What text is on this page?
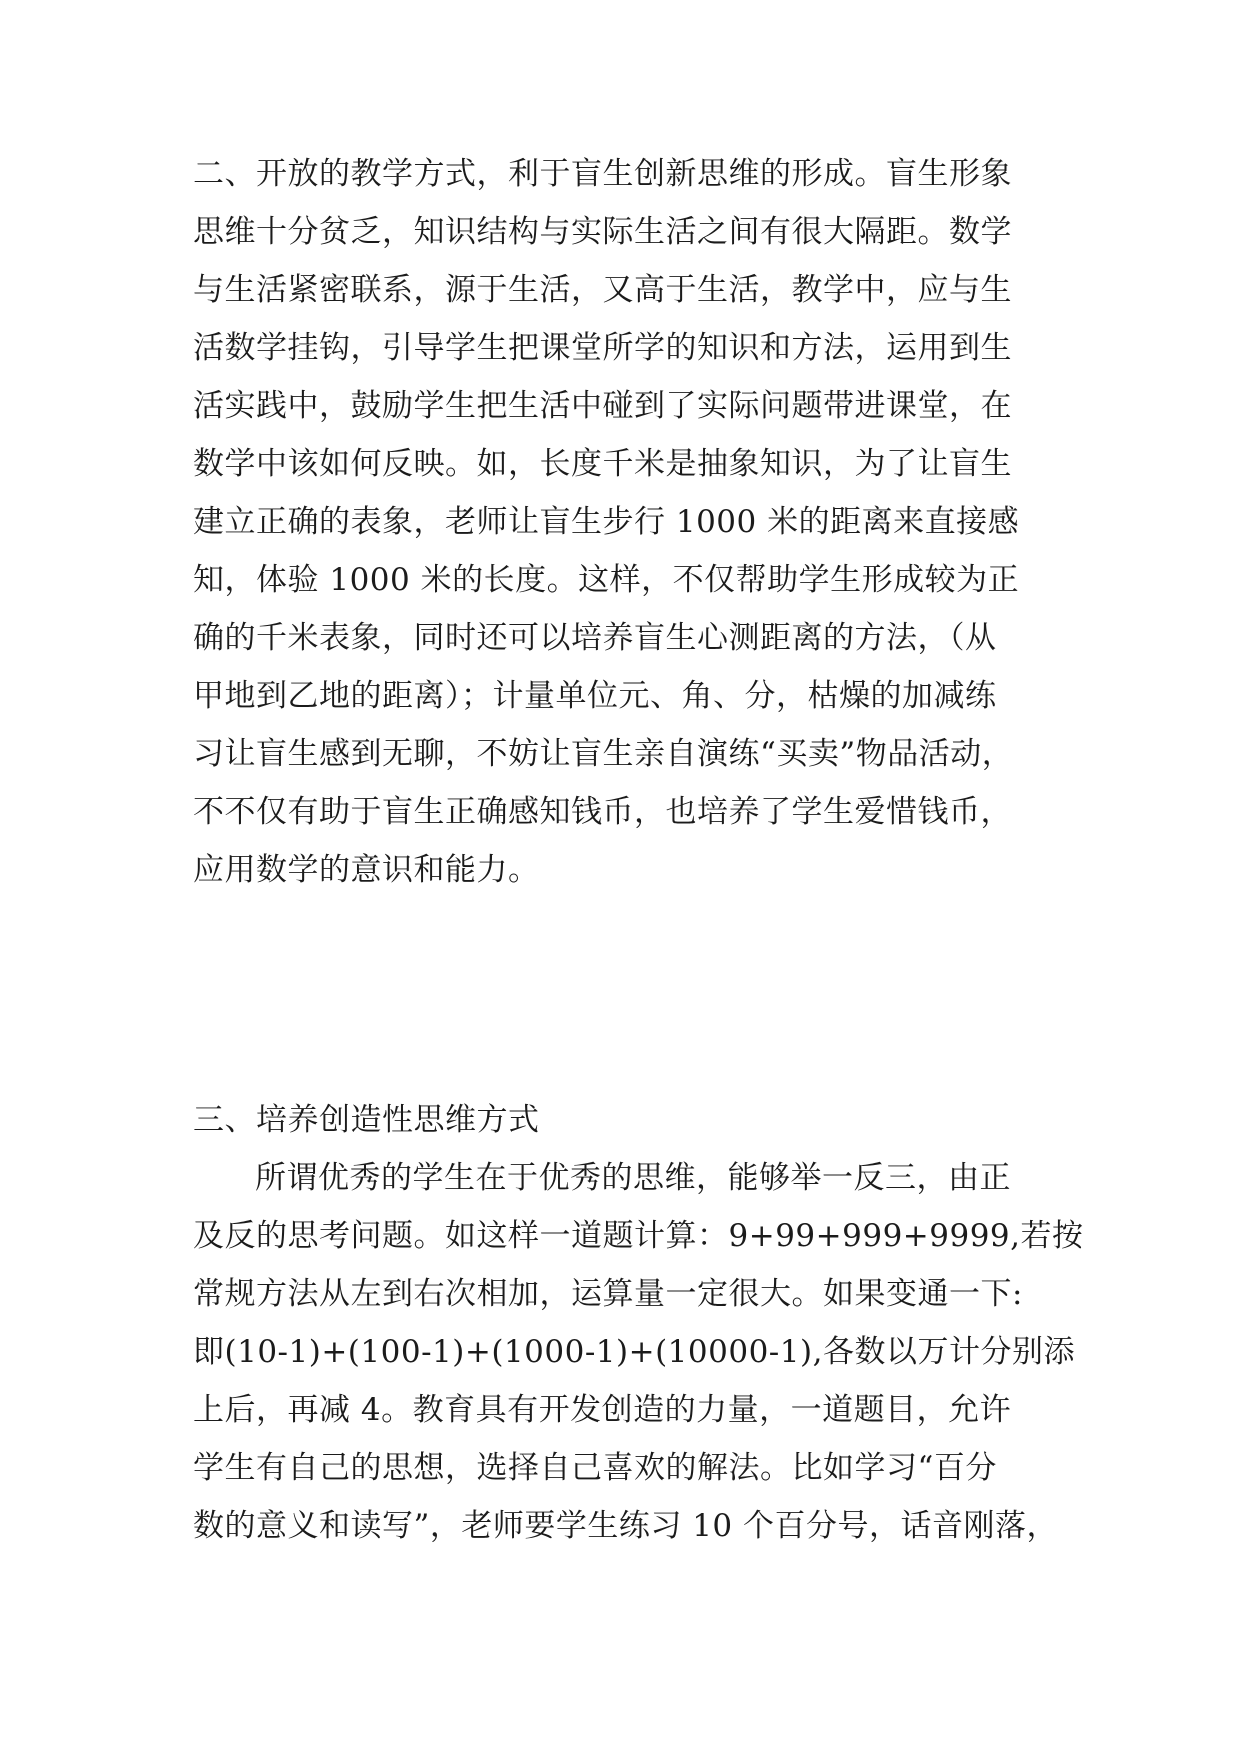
二、开放的教学方式，利于盲生创新思维的形成。盲生形象
思维十分贫乏，知识结构与实际生活之间有很大隔距。数学
与生活紧密联系，源于生活，又高于生活，教学中，应与生
活数学挂钩，引导学生把课堂所学的知识和方法，运用到生
活实践中，鼓励学生把生活中碰到了实际问题带进课堂，在
数学中该如何反映。如，长度千米是抽象知识，为了让盲生
建立正确的表象，老师让盲生步行 1000 米的距离来直接感
知，体验 1000 米的长度。这样，不仅帮助学生形成较为正
确的千米表象，同时还可以培养盲生心测距离的方法，（从
甲地到乙地的距离）；计量单位元、角、分，枯燥的加减练
习让盲生感到无聊，不妨让盲生亲自演练“买卖”物品活动，
不不仅有助于盲生正确感知钱币，也培养了学生爱惜钱币，
应用数学的意识和能力。
三、培养创造性思维方式
所谓优秀的学生在于优秀的思维，能够举一反三，由正
及反的思考问题。如这样一道题计算：9+99+999+9999,若按
常规方法从左到右次相加，运算量一定很大。如果变通一下:
即(10-1)+(100-1)+(1000-1)+(10000-1),各数以万计分别添
上后，再减 4。教育具有开发创造的力量，一道题目，允许
学生有自己的思想，选择自己喜欢的解法。比如学习“百分
数的意义和读写”，老师要学生练习 10 个百分号，话音刚落，
